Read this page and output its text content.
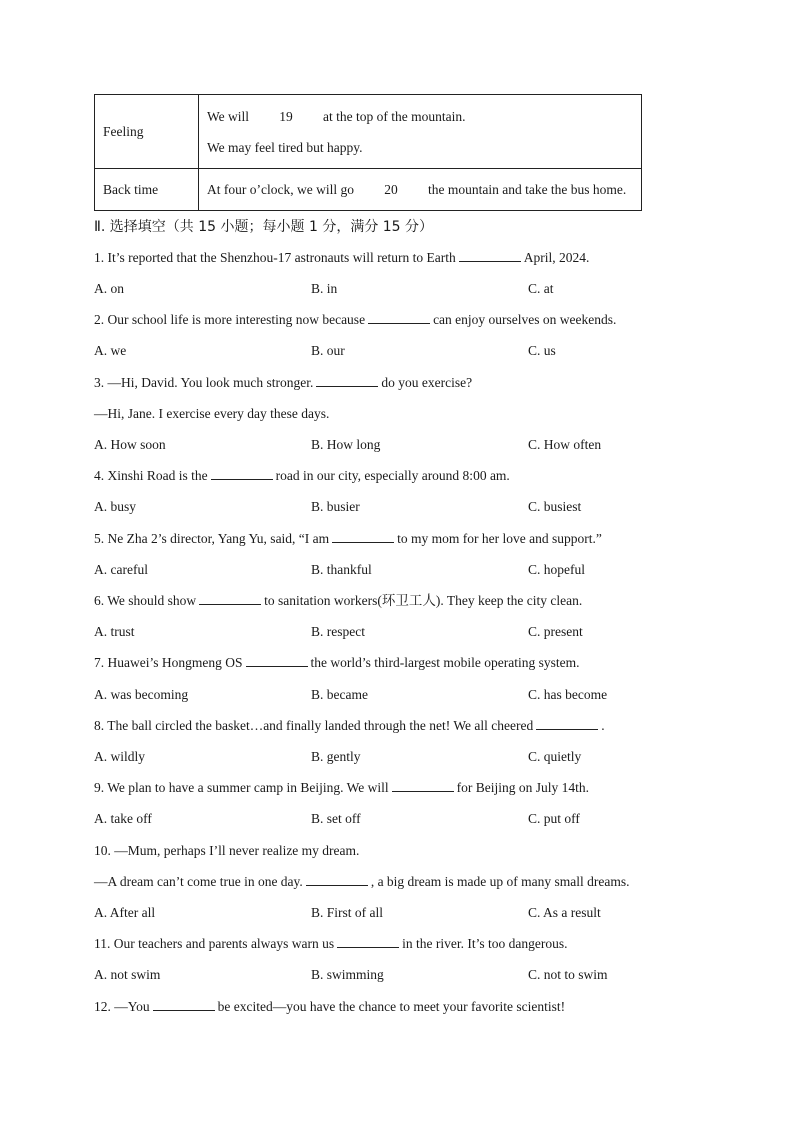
Feeling	We will 19 at the top of the mountain.
We may feel tired but happy.

Back time	At four o’clock, we will go 20 the mountain and take the bus home.
Ⅱ. 选择填空（共 15 小题；每小题 1 分，满分 15 分）
1. It’s reported that the Shenzhou-17 astronauts will return to Earth	April, 2024.
A. on	B. in	C. at
2. Our school life is more interesting now because	can enjoy ourselves on weekends.
A. we	B. our	C. us
3. —Hi, David. You look much stronger.	do you exercise?
—Hi, Jane. I exercise every day these days.
A. How soon	B. How long	C. How often
4. Xinshi Road is the	road in our city, especially around 8:00 am.
A. busy	B. busier	C. busiest
5. Ne Zha 2’s director, Yang Yu, said, “I am	to my mom for her love and support.”
A. careful	B. thankful	C. hopeful
6. We should show	to sanitation workers(环卫工人). They keep the city clean.
A. trust	B. respect	C. present
7. Huawei’s Hongmeng OS	the world’s third-largest mobile operating system.
A. was becoming	B. became	C. has become
8. The ball circled the basket…and finally landed through the net! We all cheered	.
A. wildly	B. gently	C. quietly
9. We plan to have a summer camp in Beijing. We will	for Beijing on July 14th.
A. take off	B. set off	C. put off
10. —Mum, perhaps I’ll never realize my dream.
—A dream can’t come true in one day.	, a big dream is made up of many small dreams.
A. After all	B. First of all	C. As a result
11. Our teachers and parents always warn us	in the river. It’s too dangerous.
A. not swim	B. swimming	C. not to swim
12. —You	be excited—you have the chance to meet your favorite scientist!
